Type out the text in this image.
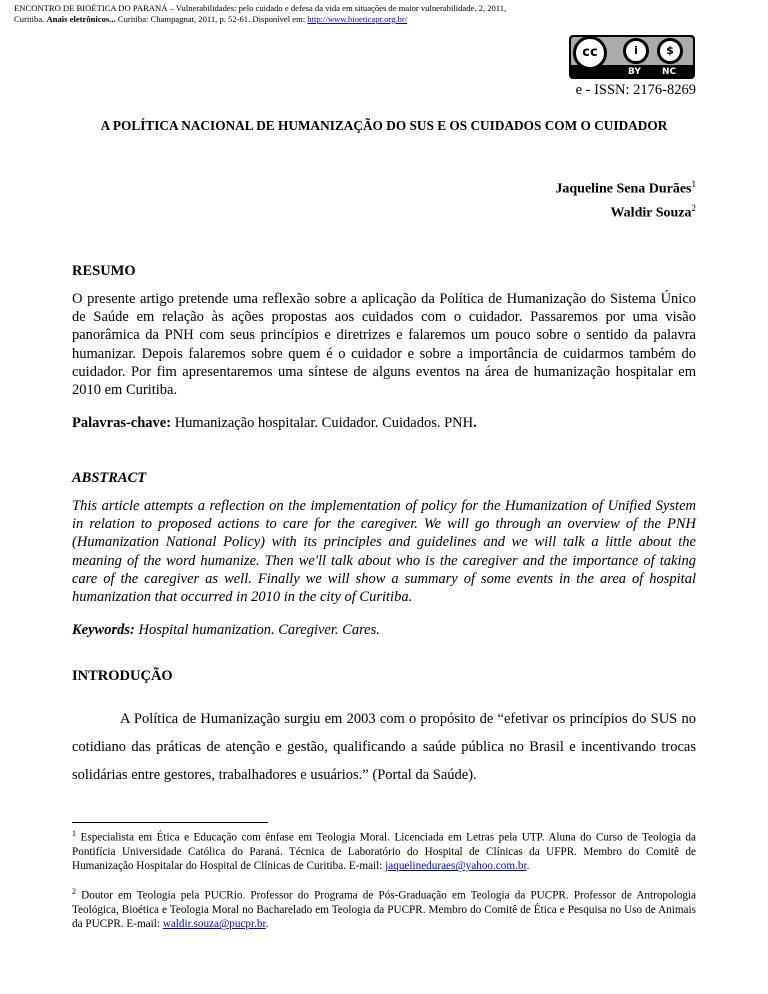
ENCONTRO DE BIOÉTICA DO PARANÁ – Vulnerabilidades: pelo cuidado e defesa da vida em situações de maior vulnerabilidade. 2, 2011,
Curitiba. Anais eletrônicos... Curitiba: Champagnat, 2011, p. 52-61. Disponível em: http://www.bioeticapr.org.br/
cc	i	$
BY NC
e - ISSN: 2176-8269
A POLÍTICA NACIONAL DE HUMANIZAÇÃO DO SUS E OS CUIDADOS COM O CUIDADOR
Jaqueline Sena Durães$^1$
Waldir Souza$^2$
RESUMO
O presente artigo pretende uma reflexão sobre a aplicação da Política de Humanização do Sistema Único de Saúde em relação às ações propostas aos cuidados com o cuidador. Passaremos por uma visão panorâmica da PNH com seus princípios e diretrizes e falaremos um pouco sobre o sentido da palavra humanizar. Depois falaremos sobre quem é o cuidador e sobre a importância de cuidarmos também do cuidador. Por fim apresentaremos uma síntese de alguns eventos na área de humanização hospitalar em 2010 em Curitiba.
Palavras-chave: Humanização hospitalar. Cuidador. Cuidados. PNH.
ABSTRACT
This article attempts a reflection on the implementation of policy for the Humanization of Unified System in relation to proposed actions to care for the caregiver. We will go through an overview of the PNH (Humanization National Policy) with its principles and guidelines and we will talk a little about the meaning of the word humanize. Then we'll talk about who is the caregiver and the importance of taking care of the caregiver as well. Finally we will show a summary of some events in the area of hospital humanization that occurred in 2010 in the city of Curitiba.
Keywords: Hospital humanization. Caregiver. Cares.
INTRODUÇÃO
A Política de Humanização surgiu em 2003 com o propósito de “efetivar os princípios do SUS no cotidiano das práticas de atenção e gestão, qualificando a saúde pública no Brasil e incentivando trocas solidárias entre gestores, trabalhadores e usuários.” (Portal da Saúde).
$^1$ Especialista em Ética e Educação com ênfase em Teologia Moral. Licenciada em Letras pela UTP. Aluna do Curso de Teologia da Pontifícia Universidade Católica do Paraná. Técnica de Laboratório do Hospital de Clínicas da UFPR. Membro do Comitê de Humanização Hospitalar do Hospital de Clínicas de Curitiba. E-mail: jaquelineduraes@yahoo.com.br.
$^2$ Doutor em Teologia pela PUCRio. Professor do Programa de Pós-Graduação em Teologia da PUCPR. Professor de Antropologia Teológica, Bioética e Teologia Moral no Bacharelado em Teologia da PUCPR. Membro do Comitê de Ética e Pesquisa no Uso de Animais da PUCPR. E-mail: waldir.souza@pucpr.br.
